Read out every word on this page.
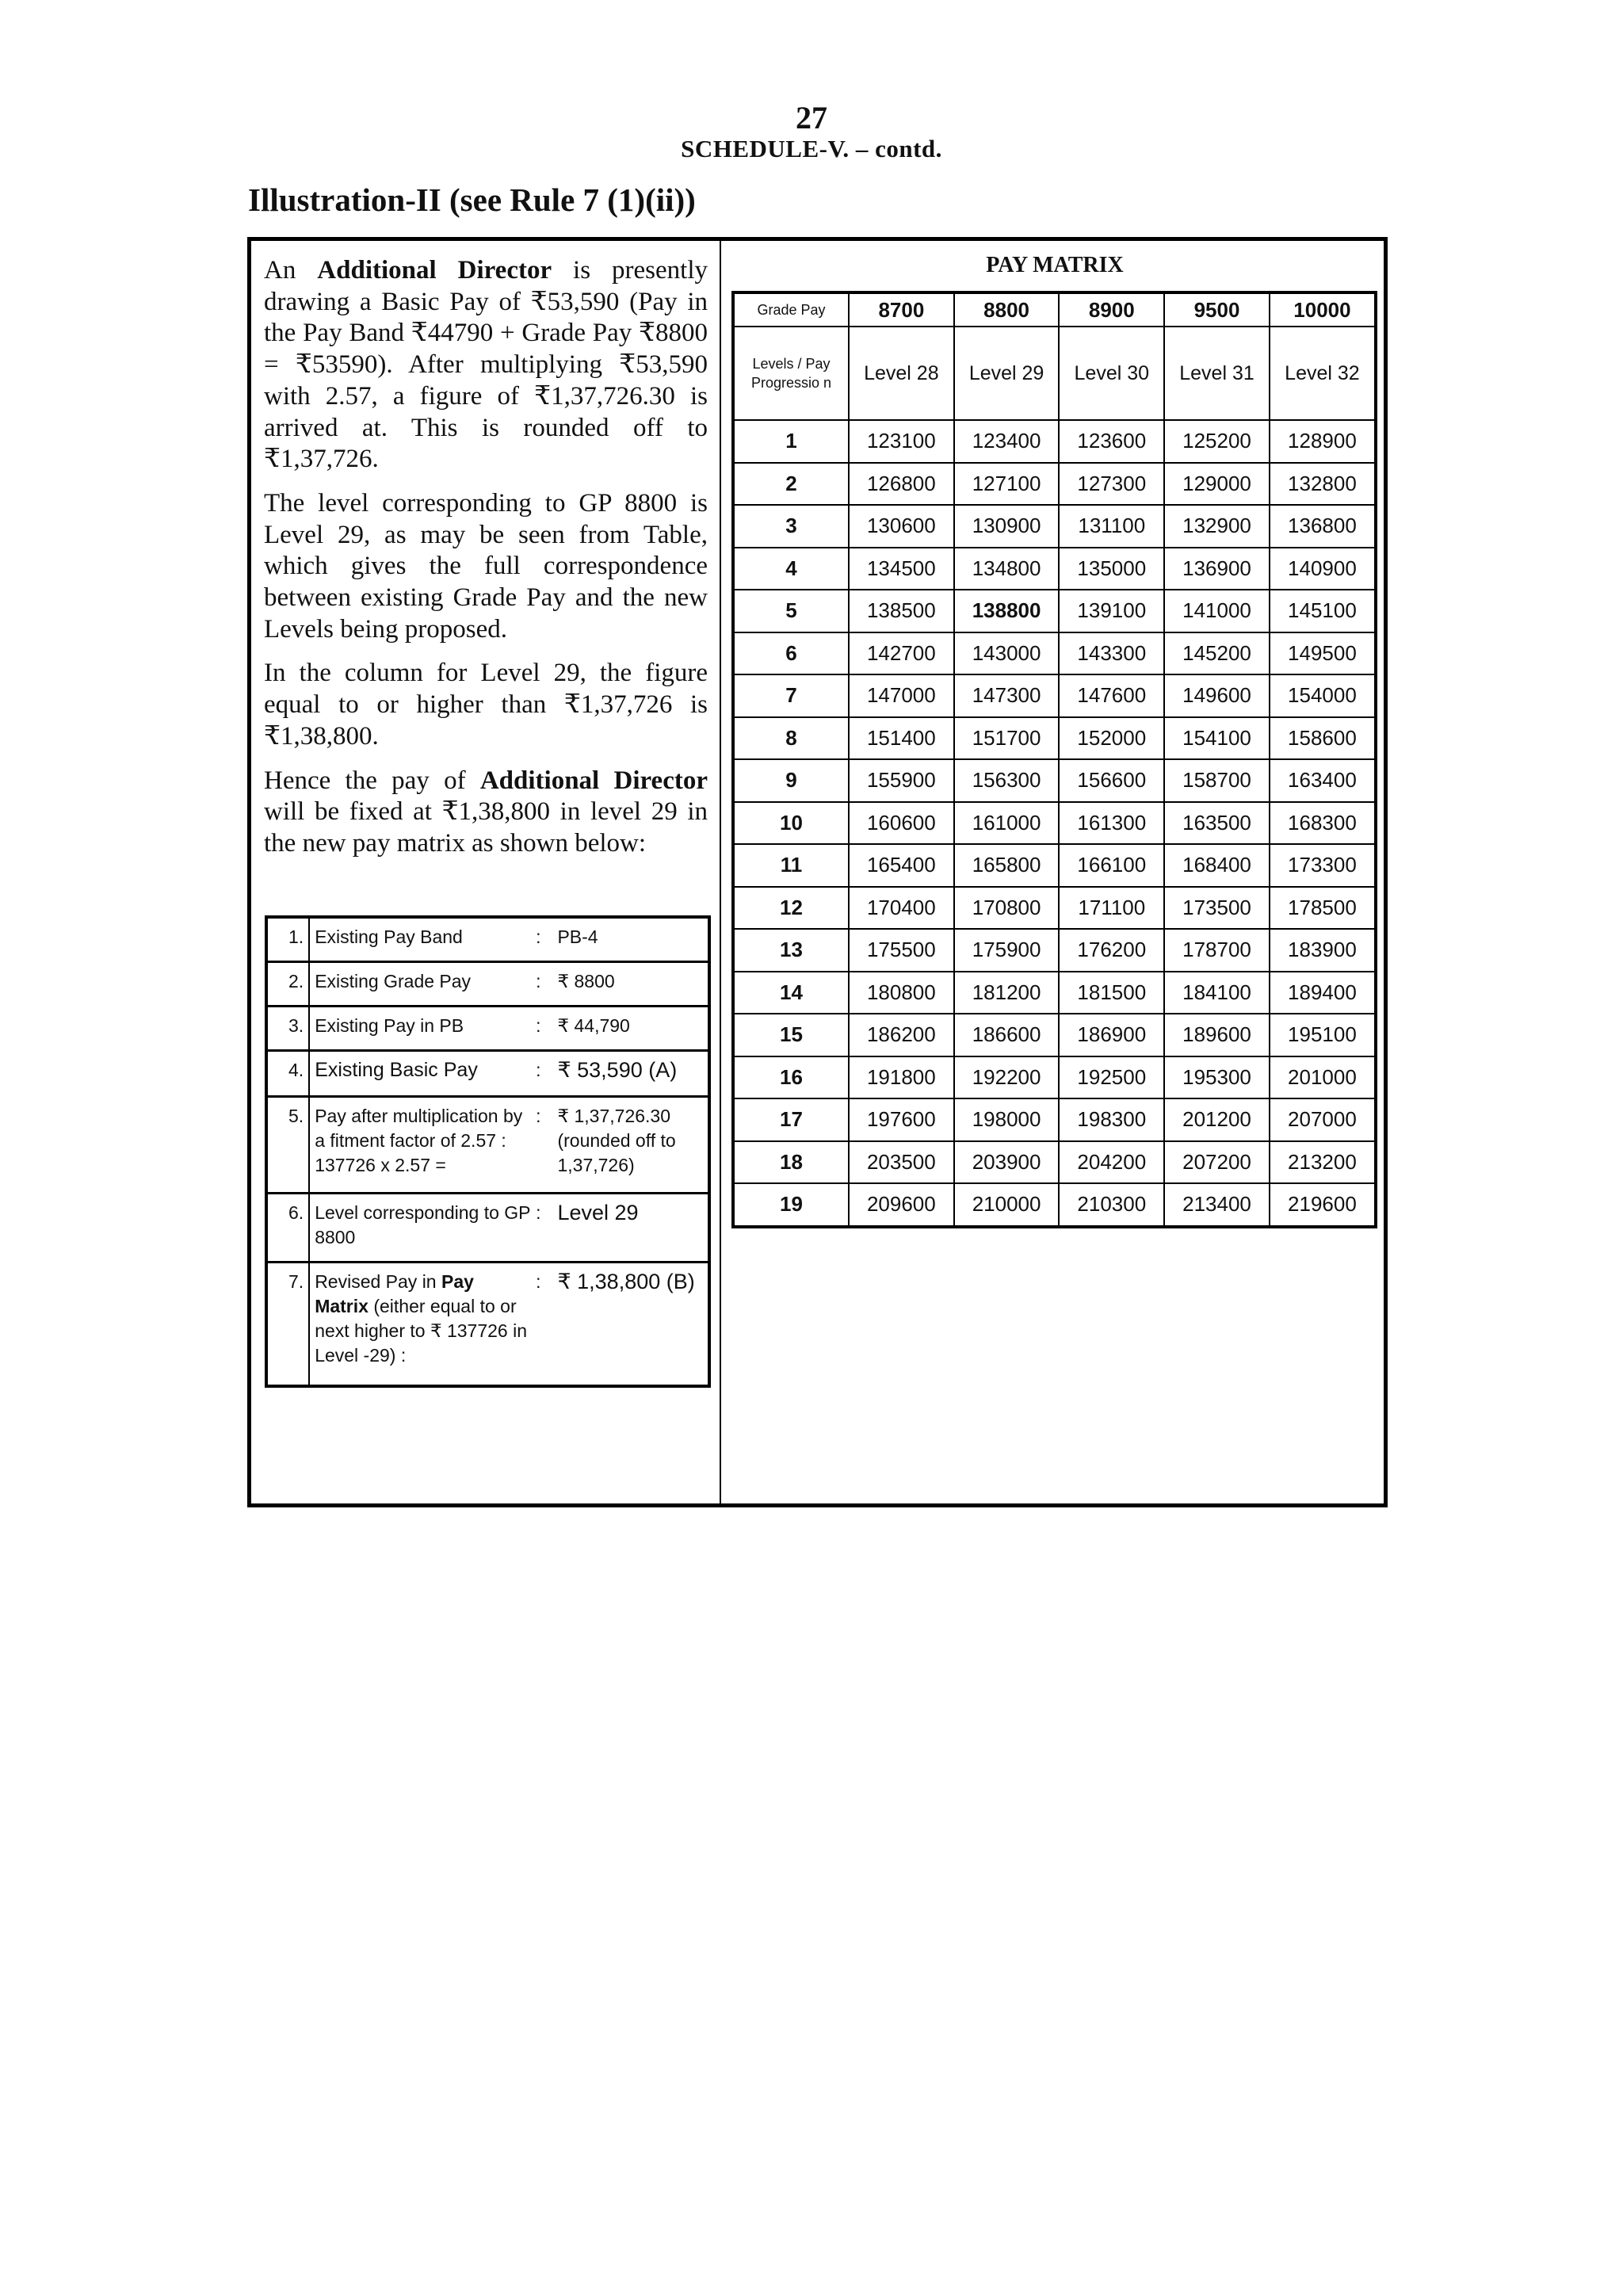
27
SCHEDULE-V. – contd.
Illustration-II (see Rule 7 (1)(ii))

An Additional Director is presently drawing a Basic Pay of ₹53,590 (Pay in the Pay Band ₹44790 + Grade Pay ₹8800 = ₹53590). After multiplying ₹53,590 with 2.57, a figure of ₹1,37,726.30 is arrived at. This is rounded off to ₹1,37,726.

The level corresponding to GP 8800 is Level 29, as may be seen from Table, which gives the full correspondence between existing Grade Pay and the new Levels being proposed.

In the column for Level 29, the figure equal to or higher than ₹1,37,726 is ₹1,38,800.

Hence the pay of Additional Director will be fixed at ₹1,38,800 in level 29 in the new pay matrix as shown below:

1.	Existing Pay Band	:	PB-4
2.	Existing Grade Pay	:	₹ 8800
3.	Existing Pay in PB	:	₹ 44,790
4.	Existing Basic Pay	:	₹ 53,590 (A)
5.	Pay after multiplication by a fitment factor of 2.57 : 137726 x 2.57 =	:	₹ 1,37,726.30 (rounded off to 1,37,726)
6.	Level corresponding to GP 8800	:	Level 29
7.	Revised Pay in Pay Matrix (either equal to or next higher to ₹ 137726 in Level -29) :	:	₹ 1,38,800 (B)
PAY MATRIX
Grade Pay	8700	8800	8900	9500	10000
Levels / Pay Progressio n	Level 28	Level 29	Level 30	Level 31	Level 32
1	123100	123400	123600	125200	128900
2	126800	127100	127300	129000	132800
3	130600	130900	131100	132900	136800
4	134500	134800	135000	136900	140900
5	138500	138800	139100	141000	145100
6	142700	143000	143300	145200	149500
7	147000	147300	147600	149600	154000
8	151400	151700	152000	154100	158600
9	155900	156300	156600	158700	163400
10	160600	161000	161300	163500	168300
11	165400	165800	166100	168400	173300
12	170400	170800	171100	173500	178500
13	175500	175900	176200	178700	183900
14	180800	181200	181500	184100	189400
15	186200	186600	186900	189600	195100
16	191800	192200	192500	195300	201000
17	197600	198000	198300	201200	207000
18	203500	203900	204200	207200	213200
19	209600	210000	210300	213400	219600
